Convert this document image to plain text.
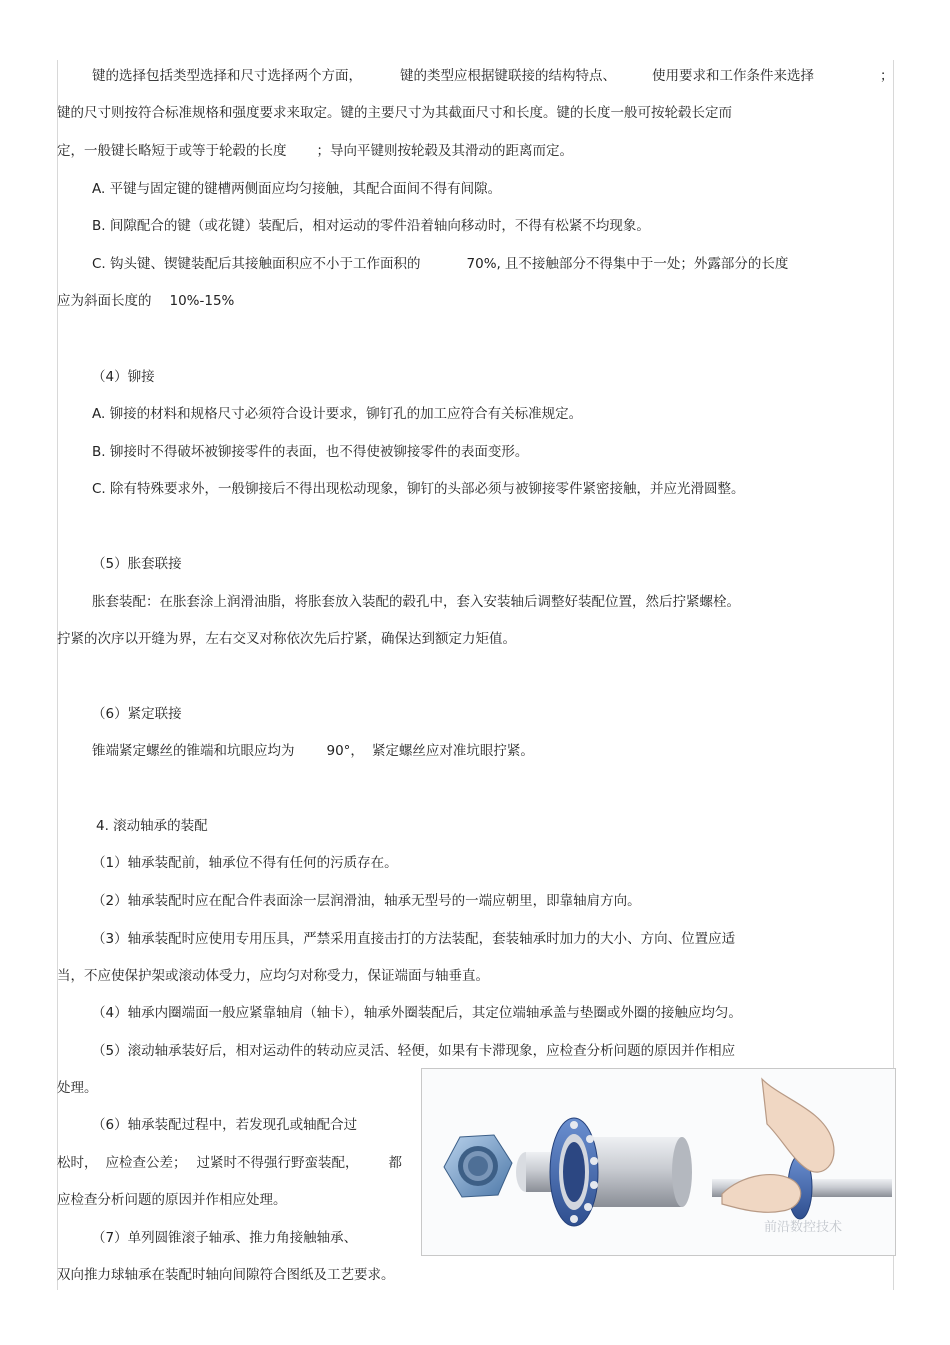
键的选择包括类型选择和尺寸选择两个方面，	键的类型应根据键联接的结构特点、	使用要求和工作条件来选择	；
键的尺寸则按符合标准规格和强度要求来取定。键的主要尺寸为其截面尺寸和长度。键的长度一般可按轮毂长定而
定，一般键长略短于或等于轮毂的长度 ；导向平键则按轮毂及其滑动的距离而定。
A. 平键与固定键的键槽两侧面应均匀接触，其配合面间不得有间隙。
B. 间隙配合的键（或花键）装配后，相对运动的零件沿着轴向移动时，不得有松紧不均现象。
C. 钩头键、锲键装配后其接触面积应不小于工作面积的	70%, 且不接触部分不得集中于一处；外露部分的长度
应为斜面长度的 10%-15%
（4）铆接
A. 铆接的材料和规格尺寸必须符合设计要求，铆钉孔的加工应符合有关标准规定。
B. 铆接时不得破坏被铆接零件的表面，也不得使被铆接零件的表面变形。
C. 除有特殊要求外，一般铆接后不得出现松动现象，铆钉的头部必须与被铆接零件紧密接触，并应光滑圆整。
（5）胀套联接
胀套装配：在胀套涂上润滑油脂，将胀套放入装配的毂孔中，套入安装轴后调整好装配位置，然后拧紧螺栓。
拧紧的次序以开缝为界，左右交叉对称依次先后拧紧，确保达到额定力矩值。
（6）紧定联接
锥端紧定螺丝的锥端和坑眼应均为 90°， 紧定螺丝应对准坑眼拧紧。
4. 滚动轴承的装配
（1）轴承装配前，轴承位不得有任何的污质存在。
（2）轴承装配时应在配合件表面涂一层润滑油，轴承无型号的一端应朝里，即靠轴肩方向。
（3）轴承装配时应使用专用压具，严禁采用直接击打的方法装配，套装轴承时加力的大小、方向、位置应适
当，不应使保护架或滚动体受力，应均匀对称受力，保证端面与轴垂直。
（4）轴承内圈端面一般应紧靠轴肩（轴卡），轴承外圈装配后，其定位端轴承盖与垫圈或外圈的接触应均匀。
（5）滚动轴承装好后，相对运动件的转动应灵活、轻便，如果有卡滞现象，应检查分析问题的原因并作相应
处理。
（6）轴承装配过程中，若发现孔或轴配合过
松时， 应检查公差； 过紧时不得强行野蛮装配， 都
应检查分析问题的原因并作相应处理。
（7）单列圆锥滚子轴承、推力角接触轴承、
双向推力球轴承在装配时轴向间隙符合图纸及工艺要求。
前沿数控技术
